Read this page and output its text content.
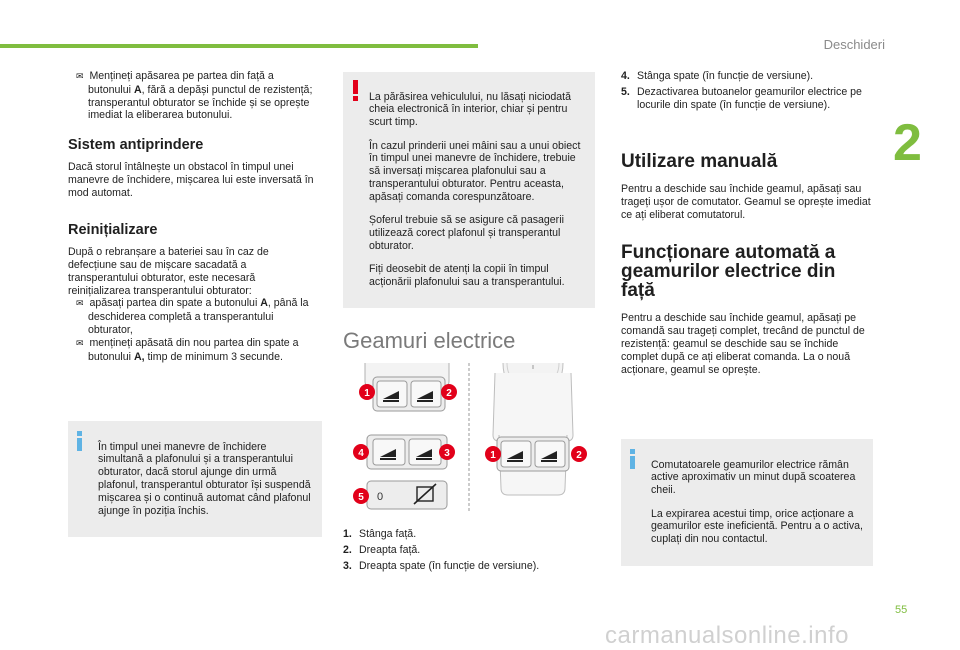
Deschideri
2
55
carmanualsonline.info

✉ Mențineți apăsarea pe partea din față a butonului A, fără a depăși punctul de rezistență; transperantul obturator se închide și se oprește imediat la eliberarea butonului.

Sistem antiprindere

Dacă storul întâlnește un obstacol în timpul unei manevre de închidere, mișcarea lui este inversată în mod automat.

Reinițializare

După o rebranșare a bateriei sau în caz de defecțiune sau de mișcare sacadată a transperantului obturator, este necesară reinițializarea transperantului obturator:

✉ apăsați partea din spate a butonului A, până la deschiderea completă a transperantului obturator,

✉ mențineți apăsată din nou partea din spate a butonului A, timp de minimum 3 secunde.

În timpul unei manevre de închidere simultană a plafonului și a transperantului obturator, dacă storul ajunge din urmă plafonul, transperantul obturator își suspendă mișcarea și o continuă automat când plafonul ajunge în poziția închis.

La părăsirea vehiculului, nu lăsați niciodată cheia electronică în interior, chiar și pentru scurt timp.

În cazul prinderii unei mâini sau a unui obiect în timpul unei manevre de închidere, trebuie să inversați mișcarea plafonului sau a transperantului obturator. Pentru aceasta, apăsați comanda corespunzătoare.

Șoferul trebuie să se asigure că pasagerii utilizează corect plafonul și transperantul obturator.

Fiți deosebit de atenți la copii în timpul acționării plafonului sau a transperantului.

Geamuri electrice
0
1	2
3
4
5
1	2
1. Stânga față.
2. Dreapta față.
3. Dreapta spate (în funcție de versiune).
4. Stânga spate (în funcție de versiune).
5. Dezactivarea butoanelor geamurilor electrice pe locurile din spate (în funcție de versiune).
Utilizare manuală

Pentru a deschide sau închide geamul, apăsați sau trageți ușor de comutator. Geamul se oprește imediat ce ați eliberat comutatorul.

Funcționare automată a geamurilor electrice din față

Pentru a deschide sau închide geamul, apăsați pe comandă sau trageți complet, trecând de punctul de rezistență: geamul se deschide sau se închide complet după ce ați eliberat comanda. La o nouă acționare, geamul se oprește.

Comutatoarele geamurilor electrice rămân active aproximativ un minut după scoaterea cheii.

La expirarea acestui timp, orice acționare a geamurilor este ineficientă. Pentru a o activa, cuplați din nou contactul.
